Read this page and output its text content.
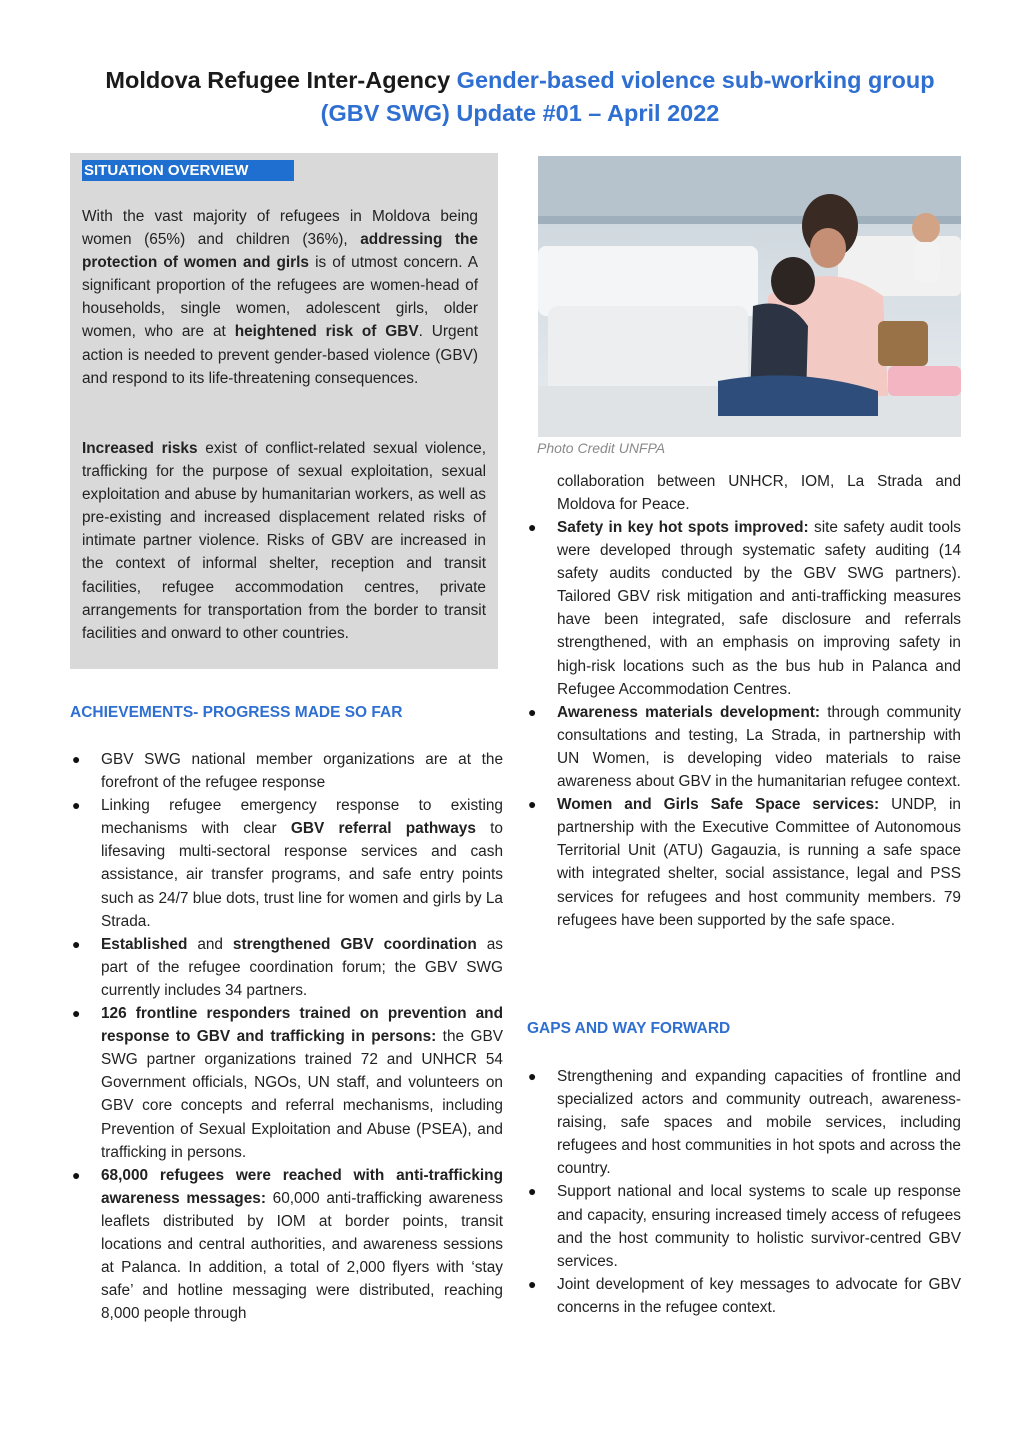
Moldova Refugee Inter-Agency Gender-based violence sub-working group
(GBV SWG) Update #01 – April 2022
SITUATION OVERVIEW
With the vast majority of refugees in Moldova being women (65%) and children (36%), addressing the protection of women and girls is of utmost concern. A significant proportion of the refugees are women-head of households, single women, adolescent girls, older women, who are at heightened risk of GBV. Urgent action is needed to prevent gender-based violence (GBV) and respond to its life-threatening consequences.
Increased risks exist of conflict-related sexual violence, trafficking for the purpose of sexual exploitation, sexual exploitation and abuse by humanitarian workers, as well as pre-existing and increased displacement related risks of intimate partner violence. Risks of GBV are increased in the context of informal shelter, reception and transit facilities, refugee accommodation centres, private arrangements for transportation from the border to transit facilities and onward to other countries.
ACHIEVEMENTS- PROGRESS MADE SO FAR
● GBV SWG national member organizations are at the forefront of the refugee response
● Linking refugee emergency response to existing mechanisms with clear GBV referral pathways to lifesaving multi-sectoral response services and cash assistance, air transfer programs, and safe entry points such as 24/7 blue dots, trust line for women and girls by La Strada.
● Established and strengthened GBV coordination as part of the refugee coordination forum; the GBV SWG currently includes 34 partners.
● 126 frontline responders trained on prevention and response to GBV and trafficking in persons: the GBV SWG partner organizations trained 72 and UNHCR 54 Government officials, NGOs, UN staff, and volunteers on GBV core concepts and referral mechanisms, including Prevention of Sexual Exploitation and Abuse (PSEA), and trafficking in persons.
● 68,000 refugees were reached with anti-trafficking awareness messages: 60,000 anti-trafficking awareness leaflets distributed by IOM at border points, transit locations and central authorities, and awareness sessions at Palanca. In addition, a total of 2,000 flyers with ‘stay safe’ and hotline messaging were distributed, reaching 8,000 people through
Photo Credit UNFPA
collaboration between UNHCR, IOM, La Strada and Moldova for Peace.
● Safety in key hot spots improved: site safety audit tools were developed through systematic safety auditing (14 safety audits conducted by the GBV SWG partners). Tailored GBV risk mitigation and anti-trafficking measures have been integrated, safe disclosure and referrals strengthened, with an emphasis on improving safety in high-risk locations such as the bus hub in Palanca and Refugee Accommodation Centres.
● Awareness materials development: through community consultations and testing, La Strada, in partnership with UN Women, is developing video materials to raise awareness about GBV in the humanitarian refugee context.
● Women and Girls Safe Space services: UNDP, in partnership with the Executive Committee of Autonomous Territorial Unit (ATU) Gagauzia, is running a safe space with integrated shelter, social assistance, legal and PSS services for refugees and host community members. 79 refugees have been supported by the safe space.
GAPS AND WAY FORWARD
● Strengthening and expanding capacities of frontline and specialized actors and community outreach, awareness-raising, safe spaces and mobile services, including refugees and host communities in hot spots and across the country.
● Support national and local systems to scale up response and capacity, ensuring increased timely access of refugees and the host community to holistic survivor-centred GBV services.
● Joint development of key messages to advocate for GBV concerns in the refugee context.
